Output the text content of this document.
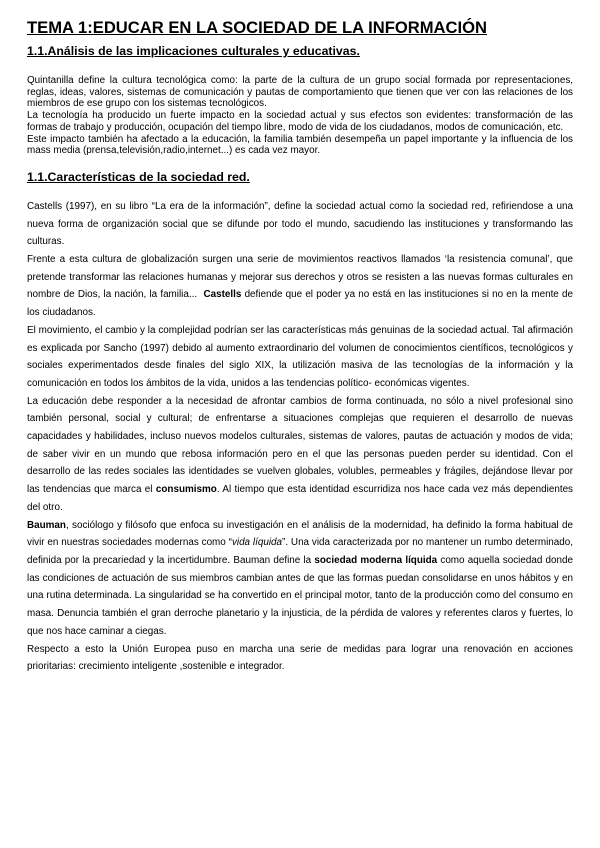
TEMA 1:EDUCAR EN LA SOCIEDAD DE LA INFORMACIÓN
1.1.Análisis de las implicaciones culturales y educativas.

Quintanilla define la cultura tecnológica como: la parte de la cultura de un grupo social formada por representaciones, reglas, ideas, valores, sistemas de comunicación y pautas de comportamiento que tienen que ver con las relaciones de los miembros de ese grupo con los sistemas tecnológicos.

La tecnología ha producido un fuerte impacto en la sociedad actual y sus efectos son evidentes: transformación de las formas de trabajo y producción, ocupación del tiempo libre, modo de vida de los ciudadanos, modos de comunicación, etc.

Este impacto también ha afectado a la educación, la familia también desempeña un papel importante y la influencia de los mass media (prensa,televisión,radio,internet...) es cada vez mayor.

1.1.Características de la sociedad red.

Castells (1997), en su libro “La era de la información”, define la sociedad actual como la sociedad red, refiriendose a una nueva forma de organización social que se difunde por todo el mundo, sacudiendo las instituciones y transformando las culturas.

Frente a esta cultura de globalización surgen una serie de movimientos reactivos llamados ‘la resistencia comunal’, que pretende transformar las relaciones humanas y mejorar sus derechos y otros se resisten a las nuevas formas culturales en nombre de Dios, la nación, la familia... Castells defiende que el poder ya no está en las instituciones si no en la mente de los ciudadanos.

El movimiento, el cambio y la complejidad podrían ser las características más genuinas de la sociedad actual. Tal afirmación es explicada por Sancho (1997) debido al aumento extraordinario del volumen de conocimientos científicos, tecnológicos y sociales experimentados desde finales del siglo XIX, la utilización masiva de las tecnologías de la información y la comunicación en todos los ámbitos de la vida, unidos a las tendencias político- económicas vigentes.

La educación debe responder a la necesidad de afrontar cambios de forma continuada, no sólo a nivel profesional sino también personal, social y cultural; de enfrentarse a situaciones complejas que requieren el desarrollo de nuevas capacidades y habilidades, incluso nuevos modelos culturales, sistemas de valores, pautas de actuación y modos de vida; de saber vivir en un mundo que rebosa información pero en el que las personas pueden perder su identidad. Con el desarrollo de las redes sociales las identidades se vuelven globales, volubles, permeables y frágiles, dejándose llevar por las tendencias que marca el consumismo. Al tiempo que esta identidad escurridiza nos hace cada vez más dependientes del otro.

Bauman, sociólogo y filósofo que enfoca su investigación en el análisis de la modernidad, ha definido la forma habitual de vivir en nuestras sociedades modernas como “vida líquida”. Una vida caracterizada por no mantener un rumbo determinado, definida por la precariedad y la incertidumbre. Bauman define la sociedad moderna líquida como aquella sociedad donde las condiciones de actuación de sus miembros cambian antes de que las formas puedan consolidarse en unos hábitos y en una rutina determinada. La singularidad se ha convertido en el principal motor, tanto de la producción como del consumo en masa. Denuncia también el gran derroche planetario y la injusticia, de la pérdida de valores y referentes claros y fuertes, lo que nos hace caminar a ciegas.

Respecto a esto la Unión Europea puso en marcha una serie de medidas para lograr una renovación en acciones prioritarias: crecimiento inteligente ,sostenible e integrador.
